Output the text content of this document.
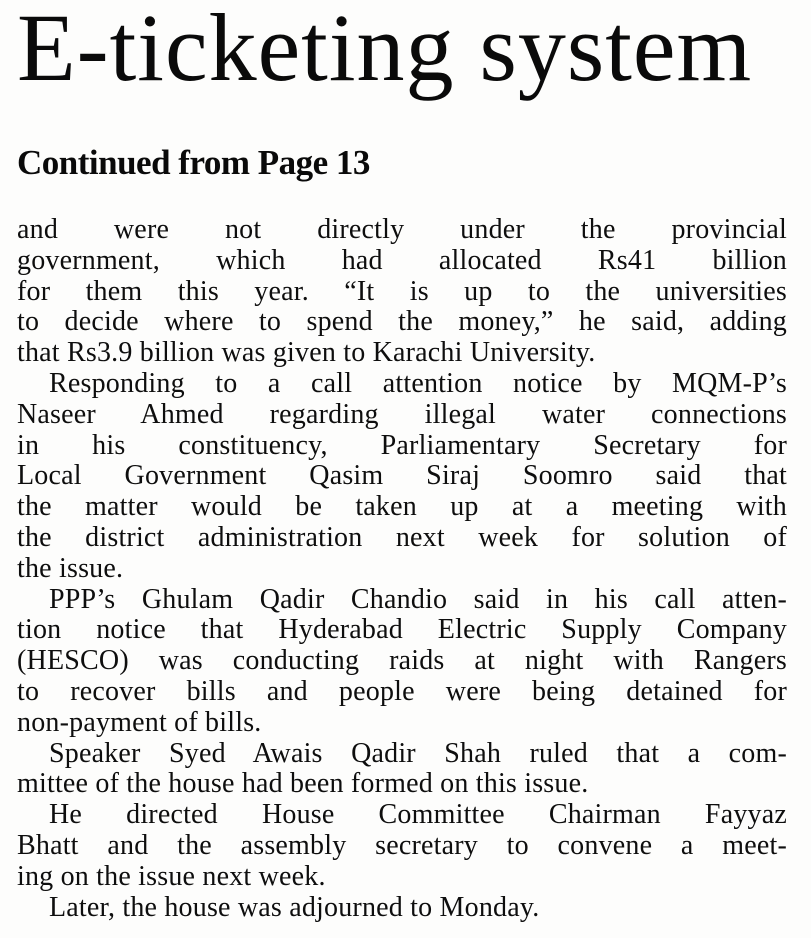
E-ticketing system
Continued from Page 13
and were not directly under the provincial
government, which had allocated Rs41 billion
for them this year. “It is up to the universities
to decide where to spend the money,” he said, adding
that Rs3.9 billion was given to Karachi University.
Responding to a call attention notice by MQM-P’s
Naseer Ahmed regarding illegal water connections
in his constituency, Parliamentary Secretary for
Local Government Qasim Siraj Soomro said that
the matter would be taken up at a meeting with
the district administration next week for solution of
the issue.
PPP’s Ghulam Qadir Chandio said in his call atten-
tion notice that Hyderabad Electric Supply Company
(HESCO) was conducting raids at night with Rangers
to recover bills and people were being detained for
non-payment of bills.
Speaker Syed Awais Qadir Shah ruled that a com-
mittee of the house had been formed on this issue.
He directed House Committee Chairman Fayyaz
Bhatt and the assembly secretary to convene a meet-
ing on the issue next week.
Later, the house was adjourned to Monday.
